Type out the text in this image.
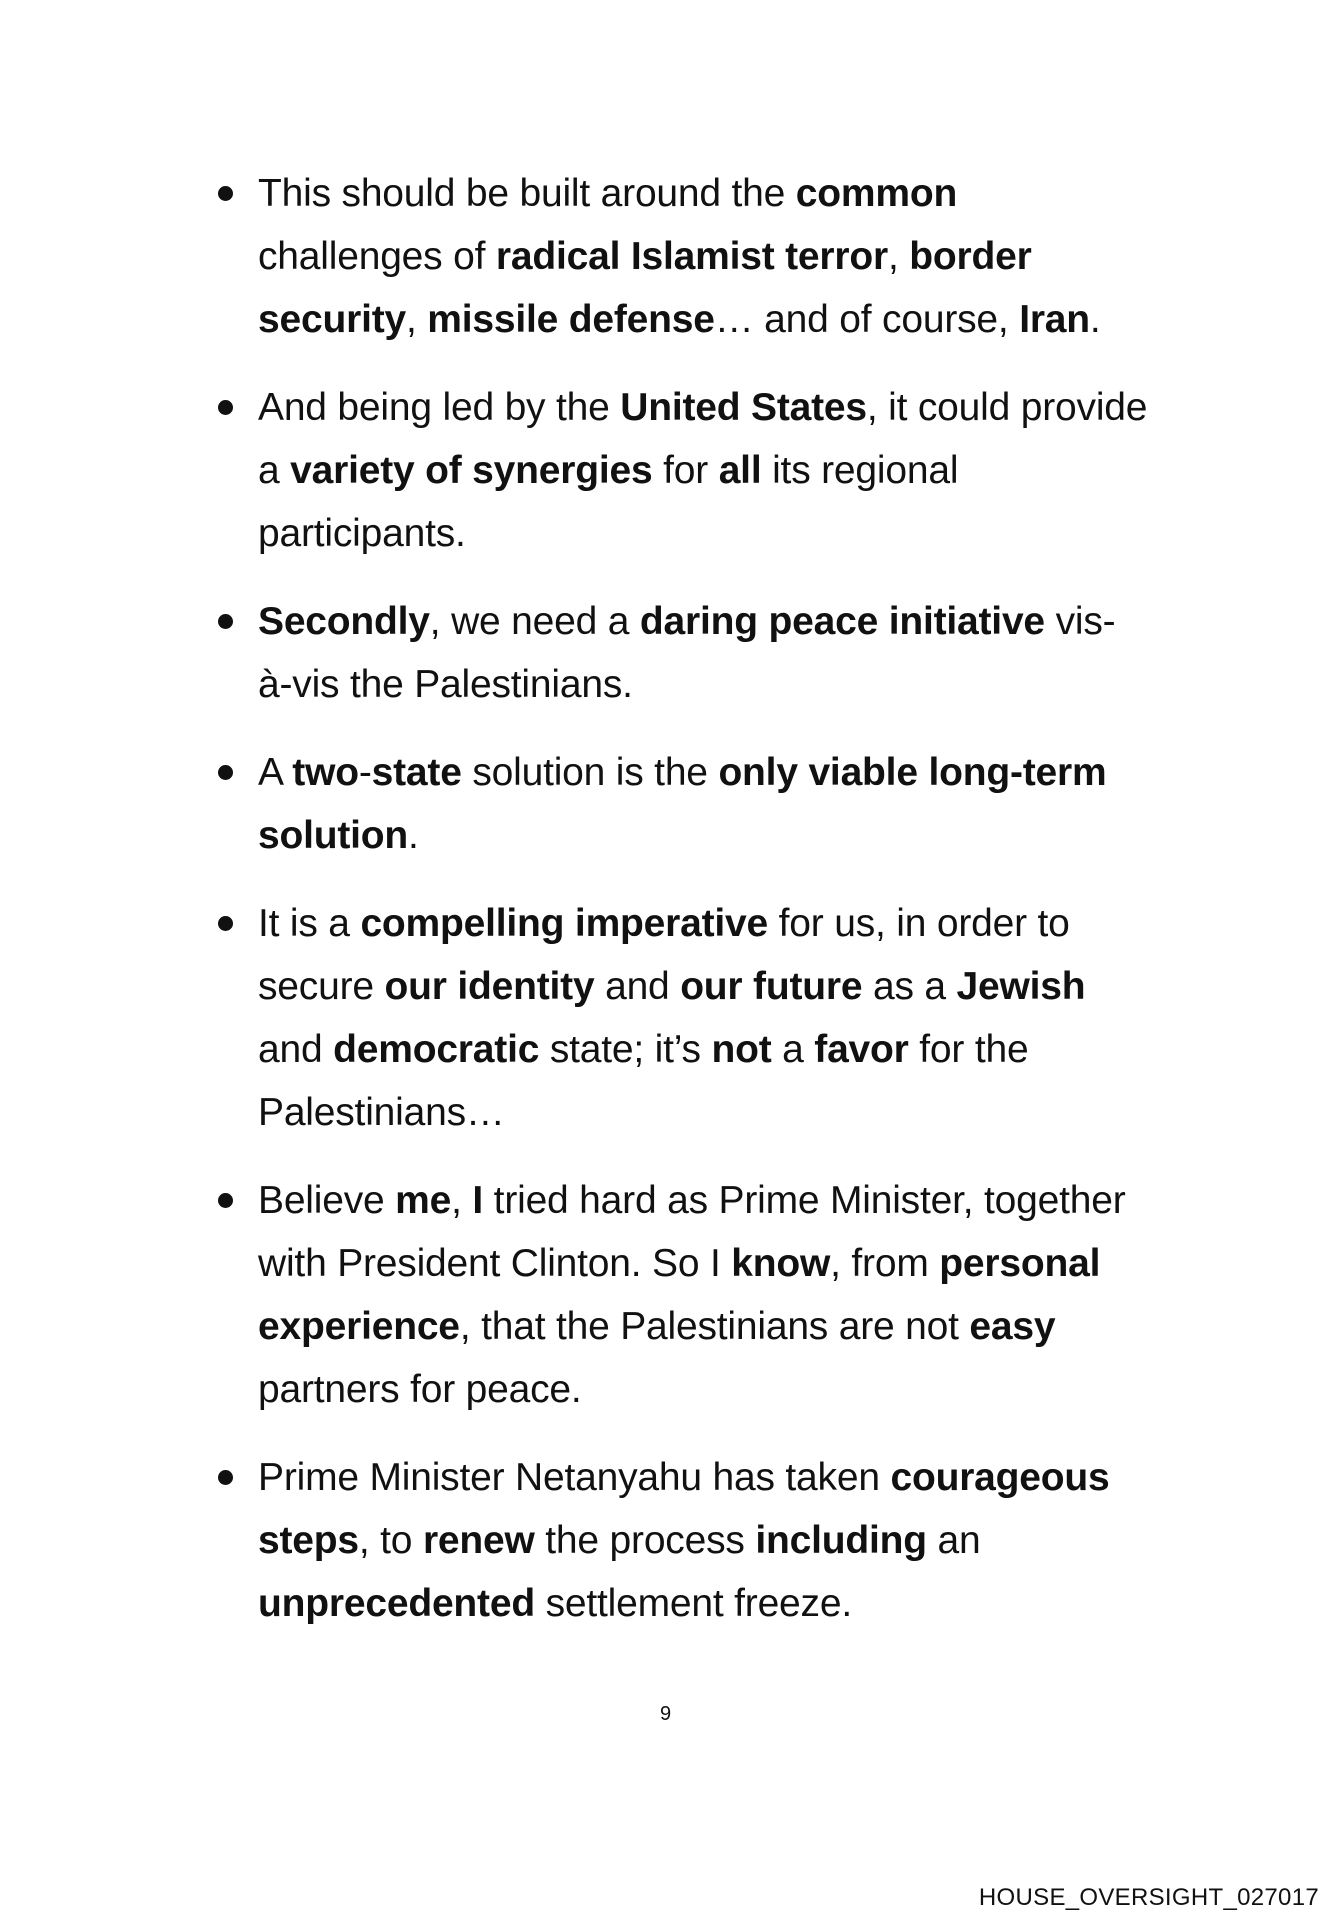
This should be built around the common challenges of radical Islamist terror, border security, missile defense… and of course, Iran.
And being led by the United States, it could provide a variety of synergies for all its regional participants.
Secondly, we need a daring peace initiative vis-à-vis the Palestinians.
A two-state solution is the only viable long-term solution.
It is a compelling imperative for us, in order to secure our identity and our future as a Jewish and democratic state; it’s not a favor for the Palestinians…
Believe me, I tried hard as Prime Minister, together with President Clinton. So I know, from personal experience, that the Palestinians are not easy partners for peace.
Prime Minister Netanyahu has taken courageous steps, to renew the process including an unprecedented settlement freeze.
9
HOUSE_OVERSIGHT_027017
